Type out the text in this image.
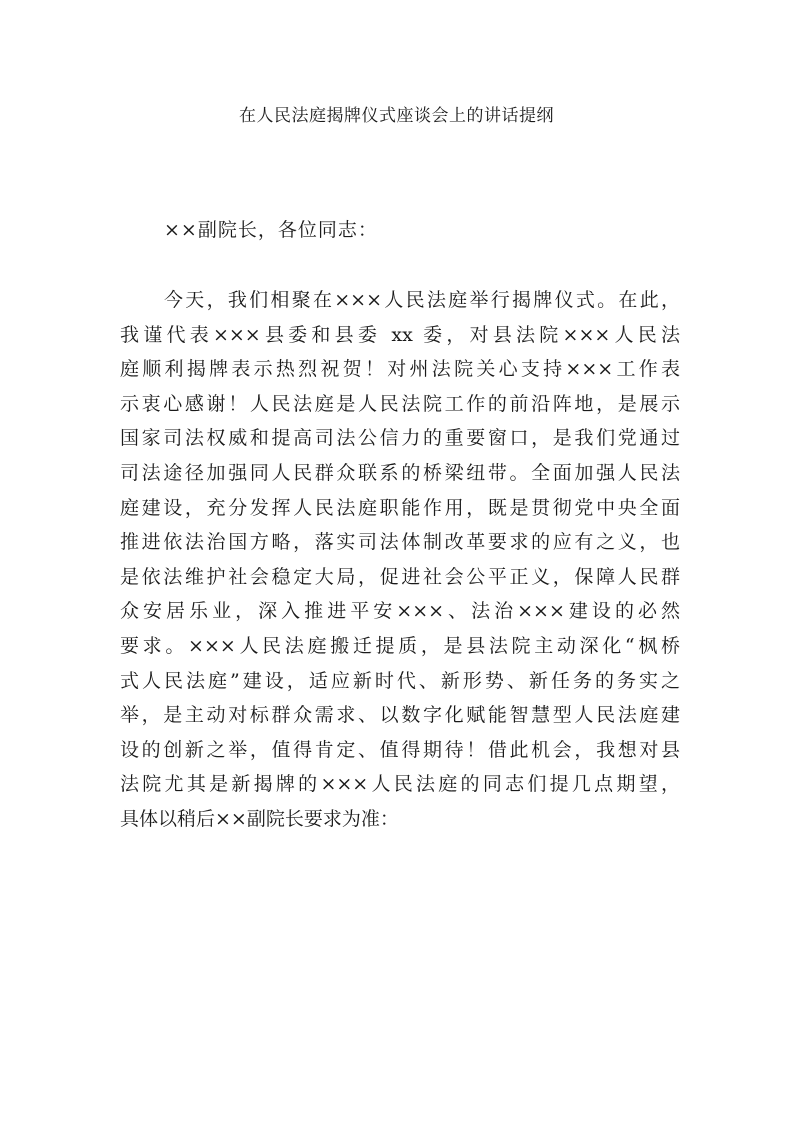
在人民法庭揭牌仪式座谈会上的讲话提纲
××副院长，各位同志：
今天，我们相聚在×××人民法庭举行揭牌仪式。在此，
我谨代表×××县委和县委 xx 委，对县法院×××人民法
庭顺利揭牌表示热烈祝贺！对州法院关心支持×××工作表
示衷心感谢！人民法庭是人民法院工作的前沿阵地，是展示
国家司法权威和提高司法公信力的重要窗口，是我们党通过
司法途径加强同人民群众联系的桥梁纽带。全面加强人民法
庭建设，充分发挥人民法庭职能作用，既是贯彻党中央全面
推进依法治国方略，落实司法体制改革要求的应有之义，也
是依法维护社会稳定大局，促进社会公平正义，保障人民群
众安居乐业，深入推进平安×××、法治×××建设的必然
要求。×××人民法庭搬迁提质，是县法院主动深化“枫桥
式人民法庭”建设，适应新时代、新形势、新任务的务实之
举，是主动对标群众需求、以数字化赋能智慧型人民法庭建
设的创新之举，值得肯定、值得期待！借此机会，我想对县
法院尤其是新揭牌的×××人民法庭的同志们提几点期望，
具体以稍后××副院长要求为准：
